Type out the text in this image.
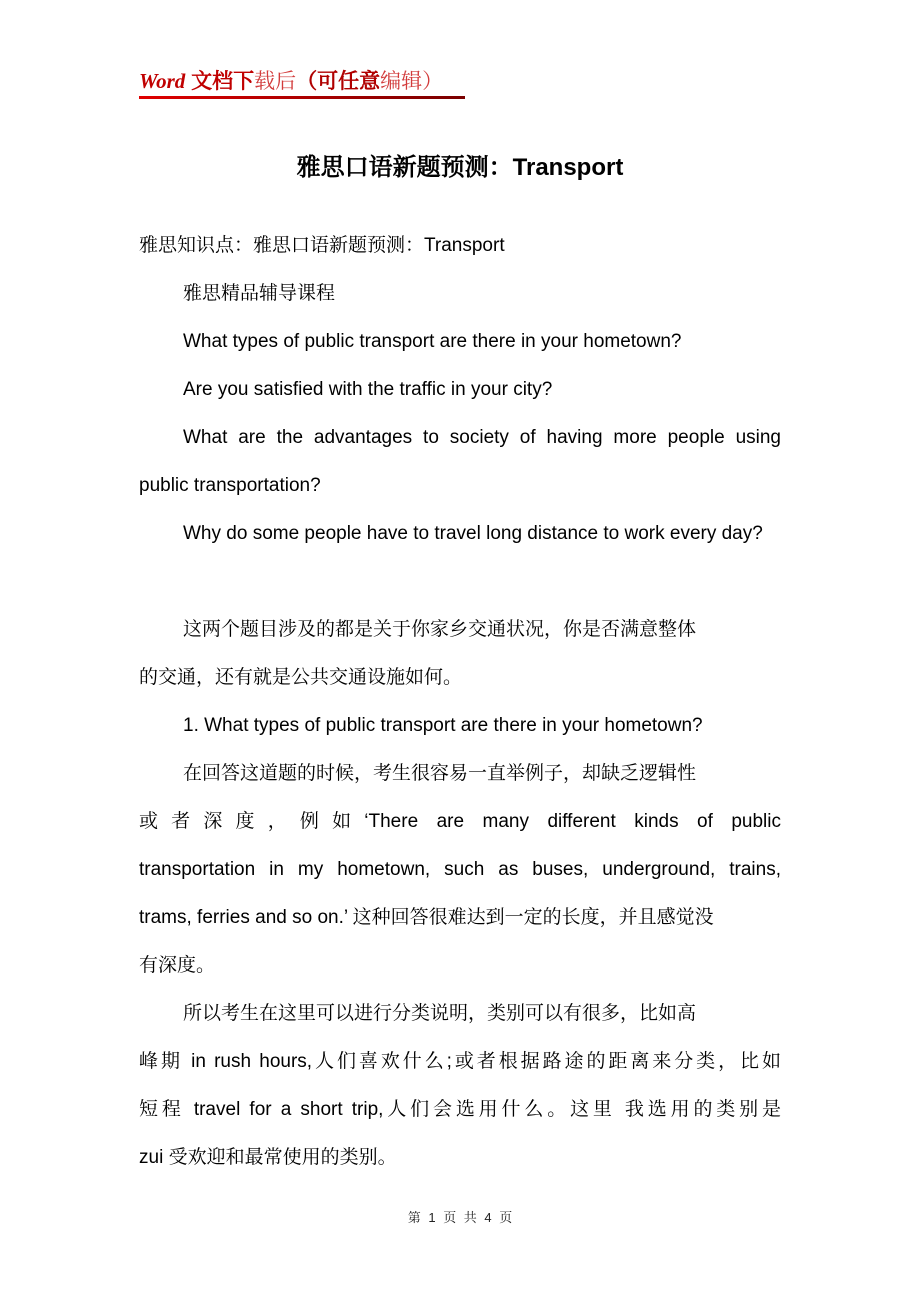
Word 文档下载后（可任意编辑）
雅思口语新题预测：Transport
雅思知识点：雅思口语新题预测：Transport
雅思精品辅导课程
What types of public transport are there in your hometown?
Are you satisfied with the traffic in your city?
What are the advantages to society of having more people using
public transportation?
Why do some people have to travel long distance to work every day?
这两个题目涉及的都是关于你家乡交通状况，你是否满意整体
的交通，还有就是公共交通设施如何。
1. What types of public transport are there in your hometown?
在回答这道题的时候，考生很容易一直举例子，却缺乏逻辑性
或者深度，例如‘There are many different kinds of public
transportation in my hometown, such as buses, underground, trains,
trams, ferries and so on.’ 这种回答很难达到一定的长度，并且感觉没
有深度。
所以考生在这里可以进行分类说明，类别可以有很多，比如高
峰期 in rush hours,人们喜欢什么;或者根据路途的距离来分类，比如
短程 travel for a short trip,人们会选用什么。这里 我选用的类别是
zui 受欢迎和最常使用的类别。
第 1 页 共 4 页
